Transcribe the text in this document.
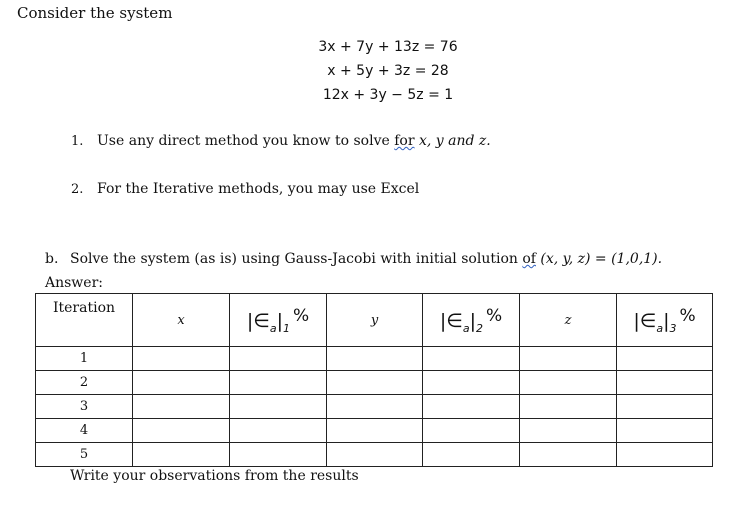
Consider the system
3x + 7y + 13z = 76
x + 5y + 3z = 28
12x + 3y − 5z = 1
1. Use any direct method you know to solve for x, y and z.
2. For the Iterative methods, you may use Excel
b. Solve the system (as is) using Gauss-Jacobi with initial solution of (x, y, z) = (1,0,1).
Answer:
Iteration	x	$|\in_a|_1\%$	y	$|\in_a|_2\%$	z	$|\in_a|_3\%$
1						
2						
3						
4						
5						
Write your observations from the results
